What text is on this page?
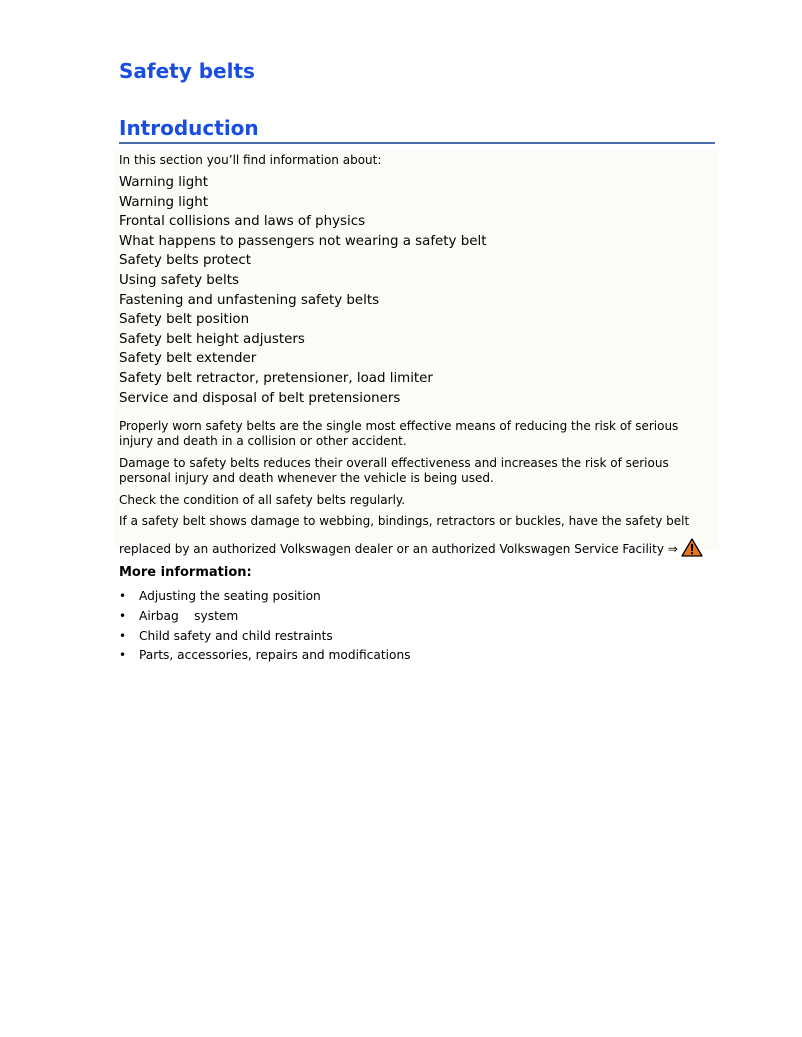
Safety belts
Introduction

In this section you’ll find information about:

Warning light
Warning light
Frontal collisions and laws of physics
What happens to passengers not wearing a safety belt
Safety belts protect
Using safety belts
Fastening and unfastening safety belts
Safety belt position
Safety belt height adjusters
Safety belt extender
Safety belt retractor, pretensioner, load limiter
Service and disposal of belt pretensioners

Properly worn safety belts are the single most effective means of reducing the risk of serious injury and death in a collision or other accident.

Damage to safety belts reduces their overall effectiveness and increases the risk of serious personal injury and death whenever the vehicle is being used.

Check the condition of all safety belts regularly.

If a safety belt shows damage to webbing, bindings, retractors or buckles, have the safety belt
replaced by an authorized Volkswagen dealer or an authorized Volkswagen Service Facility ⇒
More information:
• Adjusting the seating position
• Airbag    system
• Child safety and child restraints
• Parts, accessories, repairs and modifications
